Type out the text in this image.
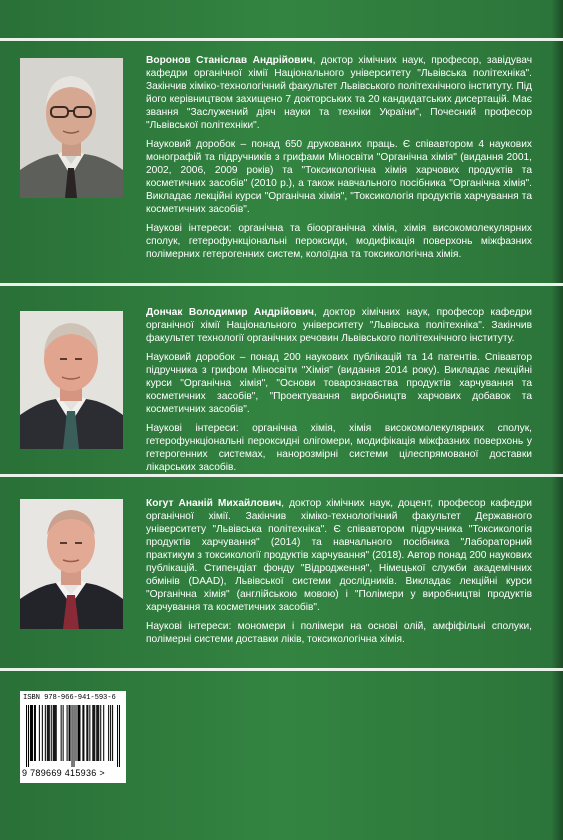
Воронов Станіслав Андрійович, доктор хімічних наук, професор, завідувач кафедри органічної хімії Національного університету "Львівська політехніка". Закінчив хіміко-технологічний факультет Львівського політехнічного інституту. Під його керівництвом захищено 7 докторських та 20 кандидатських дисертацій. Має звання "Заслужений діяч науки та техніки України", Почесний професор "Львівської політехніки".

Науковий доробок – понад 650 друкованих праць. Є співавтором 4 наукових монографій та підручників з грифами Міносвіти "Органічна хімія" (видання 2001, 2002, 2006, 2009 років) та "Токсикологічна хімія харчових продуктів та косметичних засобів" (2010 р.), а також навчального посібника "Органічна хімія". Викладає лекційні курси "Органічна хімія", "Токсикологія продуктів харчування та косметичних засобів".

Наукові інтереси: органічна та біоорганічна хімія, хімія високомолекулярних сполук, гетерофункціональні пероксиди, модифікація поверхонь міжфазних полімерних гетерогенних систем, колоїдна та токсикологічна хімія.

Дончак Володимир Андрійович, доктор хімічних наук, професор кафедри органічної хімії Національного університету "Львівська політехніка". Закінчив факультет технології органічних речовин Львівського політехнічного інституту.

Науковий доробок – понад 200 наукових публікацій та 14 патентів. Співавтор підручника з грифом Міносвіти "Хімія" (видання 2014 року). Викладає лекційні курси "Органічна хімія", "Основи товарознавства продуктів харчування та косметичних засобів", "Проектування виробництв харчових добавок та косметичних засобів".

Наукові інтереси: органічна хімія, хімія високомолекулярних сполук, гетерофункціональні пероксидні олігомери, модифікація міжфазних поверхонь у гетерогенних системах, нанорозмірні системи цілеспрямованої доставки лікарських засобів.

Когут Ананій Михайлович, доктор хімічних наук, доцент, професор кафедри органічної хімії. Закінчив хіміко-технологічний факультет Державного університету "Львівська політехніка". Є співавтором підручника "Токсикологія продуктів харчування" (2014) та навчального посібника "Лабораторний практикум з токсикології продуктів харчування" (2018). Автор понад 200 наукових публікацій. Стипендіат фонду "Відродження", Німецької служби академічних обмінів (DAAD), Львівської системи дослідників. Викладає лекційні курси "Органічна хімія" (англійською мовою) і "Полімери у виробництві продуктів харчування та косметичних засобів".

Наукові інтереси: мономери і полімери на основі олій, амфіфільні сполуки, полімерні системи доставки ліків, токсикологічна хімія.

ISBN 978-966-941-593-6
9 789669 415936 >
